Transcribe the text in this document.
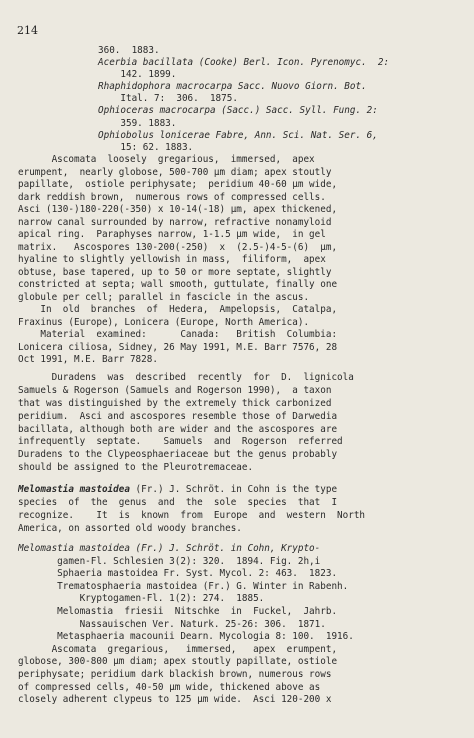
214
360.  1883.
Acerbia bacillata (Cooke) Berl. Icon. Pyrenomyc.  2:
142. 1899.
Rhaphidophora macrocarpa Sacc. Nuovo Giorn. Bot.
Ital. 7:  306.  1875.
Ophioceras macrocarpa (Sacc.) Sacc. Syll. Fung. 2:
359. 1883.
Ophiobolus lonicerae Fabre, Ann. Sci. Nat. Ser. 6,
15: 62. 1883.
Ascomata  loosely  gregarious,  immersed,  apex
erumpent,  nearly globose, 500-700 µm diam; apex stoutly
papillate,  ostiole periphysate;  peridium 40-60 µm wide,
dark reddish brown,  numerous rows of compressed cells.
Asci (130-)180-220(-350) x 10-14(-18) µm, apex thickened,
narrow canal surrounded by narrow, refractive nonamyloid
apical ring.  Paraphyses narrow, 1-1.5 µm wide,  in gel
matrix.   Ascospores 130-200(-250)  x  (2.5-)4-5-(6)  µm,
hyaline to slightly yellowish in mass,  filiform,  apex
obtuse, base tapered, up to 50 or more septate, slightly
constricted at septa; wall smooth, guttulate, finally one
globule per cell; parallel in fascicle in the ascus.
In  old  branches  of  Hedera,  Ampelopsis,  Catalpa,
Fraxinus (Europe), Lonicera (Europe, North America).
Material  examined:      Canada:   British  Columbia:
Lonicera ciliosa, Sidney, 26 May 1991, M.E. Barr 7576, 28
Oct 1991, M.E. Barr 7828.
Duradens  was  described  recently  for  D.  lignicola
Samuels & Rogerson (Samuels and Rogerson 1990),  a taxon
that was distinguished by the extremely thick carbonized
peridium.  Asci and ascospores resemble those of Darwedia
bacillata, although both are wider and the ascospores are
infrequently  septate.    Samuels  and  Rogerson  referred
Duradens to the Clypeosphaeriaceae but the genus probably
should be assigned to the Pleurotremaceae.
Melomastia mastoidea (Fr.) J. Schröt. in Cohn is the type
species  of  the  genus  and  the  sole  species  that  I
recognize.    It  is  known  from  Europe  and  western  North
America, on assorted old woody branches.
Melomastia mastoidea (Fr.) J. Schröt. in Cohn, Krypto-
gamen-Fl. Schlesien 3(2): 320.  1894. Fig. 2h,i
Sphaeria mastoidea Fr. Syst. Mycol. 2: 463.  1823.
Trematosphaeria mastoidea (Fr.) G. Winter in Rabenh.
Kryptogamen-Fl. 1(2): 274.  1885.
Melomastia  friesii  Nitschke  in  Fuckel,  Jahrb.
Nassauischen Ver. Naturk. 25-26: 306.  1871.
Metasphaeria macounii Dearn. Mycologia 8: 100.  1916.
Ascomata  gregarious,   immersed,   apex  erumpent,
globose, 300-800 µm diam; apex stoutly papillate, ostiole
periphysate; peridium dark blackish brown, numerous rows
of compressed cells, 40-50 µm wide, thickened above as
closely adherent clypeus to 125 µm wide.  Asci 120-200 x
